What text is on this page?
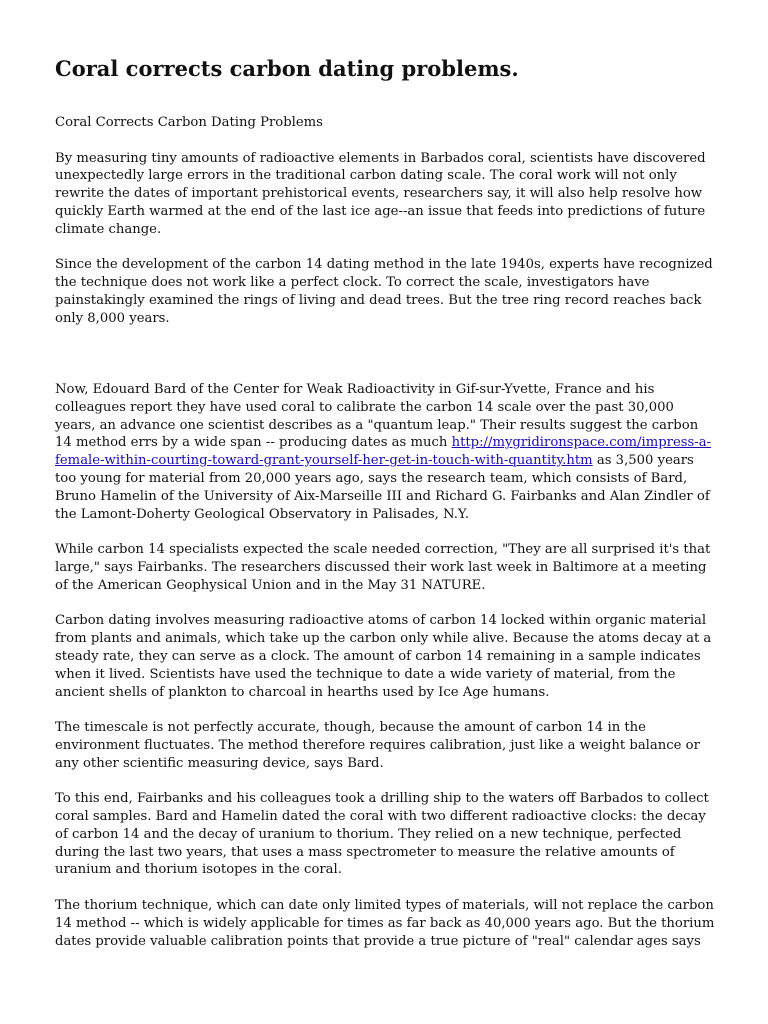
Coral corrects carbon dating problems.

Coral Corrects Carbon Dating Problems

By measuring tiny amounts of radioactive elements in Barbados coral, scientists have discovered unexpectedly large errors in the traditional carbon dating scale. The coral work will not only rewrite the dates of important prehistorical events, researchers say, it will also help resolve how quickly Earth warmed at the end of the last ice age--an issue that feeds into predictions of future climate change.

Since the development of the carbon 14 dating method in the late 1940s, experts have recognized the technique does not work like a perfect clock. To correct the scale, investigators have painstakingly examined the rings of living and dead trees. But the tree ring record reaches back only 8,000 years.

Now, Edouard Bard of the Center for Weak Radioactivity in Gif-sur-Yvette, France and his colleagues report they have used coral to calibrate the carbon 14 scale over the past 30,000 years, an advance one scientist describes as a "quantum leap." Their results suggest the carbon 14 method errs by a wide span -- producing dates as much http://mygridironspace.com/impress-a-female-within-courting-toward-grant-yourself-her-get-in-touch-with-quantity.htm as 3,500 years too young for material from 20,000 years ago, says the research team, which consists of Bard, Bruno Hamelin of the University of Aix-Marseille III and Richard G. Fairbanks and Alan Zindler of the Lamont-Doherty Geological Observatory in Palisades, N.Y.

While carbon 14 specialists expected the scale needed correction, "They are all surprised it's that large," says Fairbanks. The researchers discussed their work last week in Baltimore at a meeting of the American Geophysical Union and in the May 31 NATURE.

Carbon dating involves measuring radioactive atoms of carbon 14 locked within organic material from plants and animals, which take up the carbon only while alive. Because the atoms decay at a steady rate, they can serve as a clock. The amount of carbon 14 remaining in a sample indicates when it lived. Scientists have used the technique to date a wide variety of material, from the ancient shells of plankton to charcoal in hearths used by Ice Age humans.

The timescale is not perfectly accurate, though, because the amount of carbon 14 in the environment fluctuates. The method therefore requires calibration, just like a weight balance or any other scientific measuring device, says Bard.

To this end, Fairbanks and his colleagues took a drilling ship to the waters off Barbados to collect coral samples. Bard and Hamelin dated the coral with two different radioactive clocks: the decay of carbon 14 and the decay of uranium to thorium. They relied on a new technique, perfected during the last two years, that uses a mass spectrometer to measure the relative amounts of uranium and thorium isotopes in the coral.

The thorium technique, which can date only limited types of materials, will not replace the carbon 14 method -- which is widely applicable for times as far back as 40,000 years ago. But the thorium dates provide valuable calibration points that provide a true picture of "real" calendar ages says
